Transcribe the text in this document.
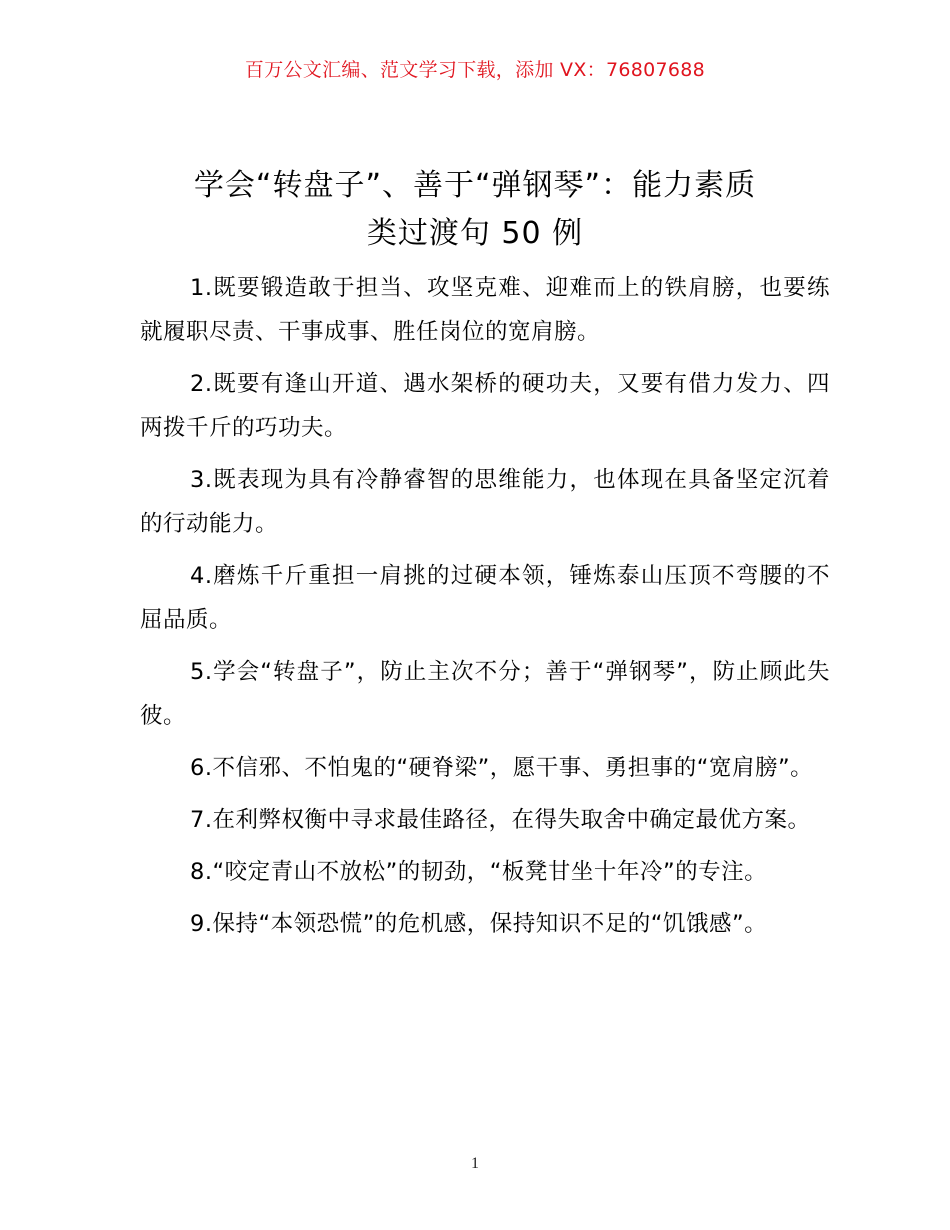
百万公文汇编、范文学习下载，添加 VX：76807688
学会“转盘子”、善于“弹钢琴”：能力素质
类过渡句 50 例

1.既要锻造敢于担当、攻坚克难、迎难而上的铁肩膀，也要练就履职尽责、干事成事、胜任岗位的宽肩膀。

2.既要有逢山开道、遇水架桥的硬功夫，又要有借力发力、四两拨千斤的巧功夫。

3.既表现为具有冷静睿智的思维能力，也体现在具备坚定沉着的行动能力。

4.磨炼千斤重担一肩挑的过硬本领，锤炼泰山压顶不弯腰的不屈品质。

5.学会“转盘子”，防止主次不分；善于“弹钢琴”，防止顾此失彼。

6.不信邪、不怕鬼的“硬脊梁”，愿干事、勇担事的“宽肩膀”。

7.在利弊权衡中寻求最佳路径，在得失取舍中确定最优方案。

8.“咬定青山不放松”的韧劲，“板凳甘坐十年冷”的专注。

9.保持“本领恐慌”的危机感，保持知识不足的“饥饿感”。

1
